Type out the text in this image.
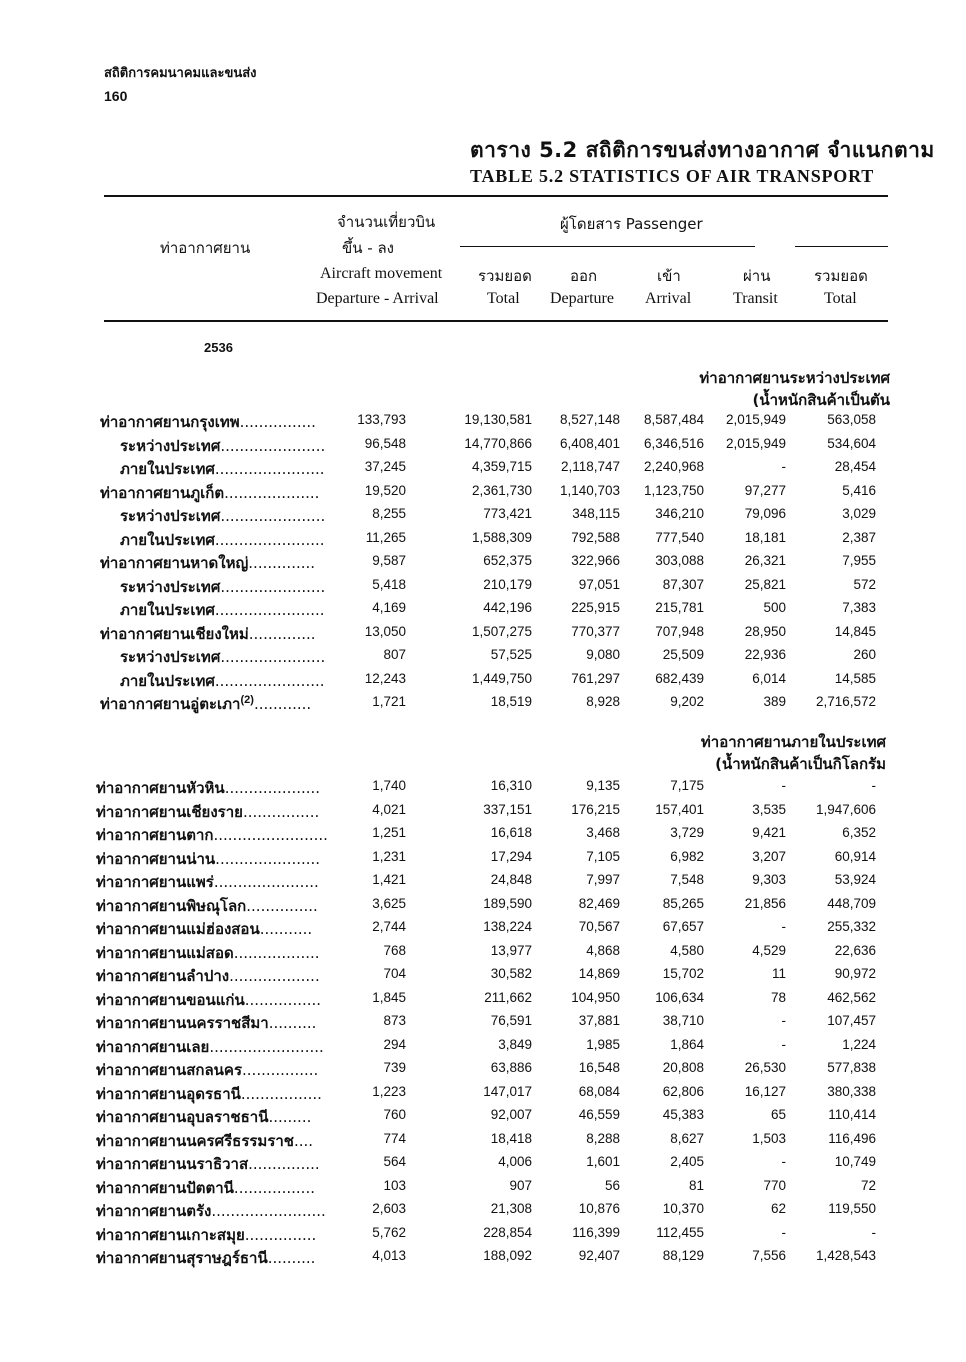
สถิติการคมนาคมและขนส่ง
160
ตาราง 5.2 สถิติการขนส่งทางอากาศ จำแนกตาม
TABLE 5.2 STATISTICS OF AIR TRANSPORT
ท่าอากาศยาน
จำนวนเที่ยวบิน
ขึ้น - ลง
Aircraft movement
Departure - Arrival
ผู้โดยสาร Passenger
รวมยอด
Total
ออก
Departure
เข้า
Arrival
ผ่าน
Transit
รวมยอด
Total
2536
ท่าอากาศยานระหว่างประเทศ
(น้ำหนักสินค้าเป็นตัน
ท่าอากาศยานกรุงเทพ................	133,793	19,130,581	8,527,148	8,587,484	2,015,949	563,058
ระหว่างประเทศ......................	96,548	14,770,866	6,408,401	6,346,516	2,015,949	534,604
ภายในประเทศ.......................	37,245	4,359,715	2,118,747	2,240,968	-	28,454
ท่าอากาศยานภูเก็ต....................	19,520	2,361,730	1,140,703	1,123,750	97,277	5,416
ระหว่างประเทศ......................	8,255	773,421	348,115	346,210	79,096	3,029
ภายในประเทศ.......................	11,265	1,588,309	792,588	777,540	18,181	2,387
ท่าอากาศยานหาดใหญ่..............	9,587	652,375	322,966	303,088	26,321	7,955
ระหว่างประเทศ......................	5,418	210,179	97,051	87,307	25,821	572
ภายในประเทศ.......................	4,169	442,196	225,915	215,781	500	7,383
ท่าอากาศยานเชียงใหม่..............	13,050	1,507,275	770,377	707,948	28,950	14,845
ระหว่างประเทศ......................	807	57,525	9,080	25,509	22,936	260
ภายในประเทศ.......................	12,243	1,449,750	761,297	682,439	6,014	14,585
ท่าอากาศยานอู่ตะเภา$^{(2)}$............	1,721	18,519	8,928	9,202	389	2,716,572
ท่าอากาศยานภายในประเทศ
(น้ำหนักสินค้าเป็นกิโลกรัม
ท่าอากาศยานหัวหิน....................	1,740	16,310	9,135	7,175	-	-
ท่าอากาศยานเชียงราย................	4,021	337,151	176,215	157,401	3,535	1,947,606
ท่าอากาศยานตาก........................	1,251	16,618	3,468	3,729	9,421	6,352
ท่าอากาศยานน่าน......................	1,231	17,294	7,105	6,982	3,207	60,914
ท่าอากาศยานแพร่......................	1,421	24,848	7,997	7,548	9,303	53,924
ท่าอากาศยานพิษณุโลก...............	3,625	189,590	82,469	85,265	21,856	448,709
ท่าอากาศยานแม่ฮ่องสอน...........	2,744	138,224	70,567	67,657	-	255,332
ท่าอากาศยานแม่สอด..................	768	13,977	4,868	4,580	4,529	22,636
ท่าอากาศยานลำปาง...................	704	30,582	14,869	15,702	11	90,972
ท่าอากาศยานขอนแก่น................	1,845	211,662	104,950	106,634	78	462,562
ท่าอากาศยานนครราชสีมา..........	873	76,591	37,881	38,710	-	107,457
ท่าอากาศยานเลย........................	294	3,849	1,985	1,864	-	1,224
ท่าอากาศยานสกลนคร................	739	63,886	16,548	20,808	26,530	577,838
ท่าอากาศยานอุดรธานี.................	1,223	147,017	68,084	62,806	16,127	380,338
ท่าอากาศยานอุบลราชธานี.........	760	92,007	46,559	45,383	65	110,414
ท่าอากาศยานนครศรีธรรมราช....	774	18,418	8,288	8,627	1,503	116,496
ท่าอากาศยานนราธิวาส...............	564	4,006	1,601	2,405	-	10,749
ท่าอากาศยานปัตตานี.................	103	907	56	81	770	72
ท่าอากาศยานตรัง........................	2,603	21,308	10,876	10,370	62	119,550
ท่าอากาศยานเกาะสมุย...............	5,762	228,854	116,399	112,455	-	-
ท่าอากาศยานสุราษฎร์ธานี..........	4,013	188,092	92,407	88,129	7,556	1,428,543
